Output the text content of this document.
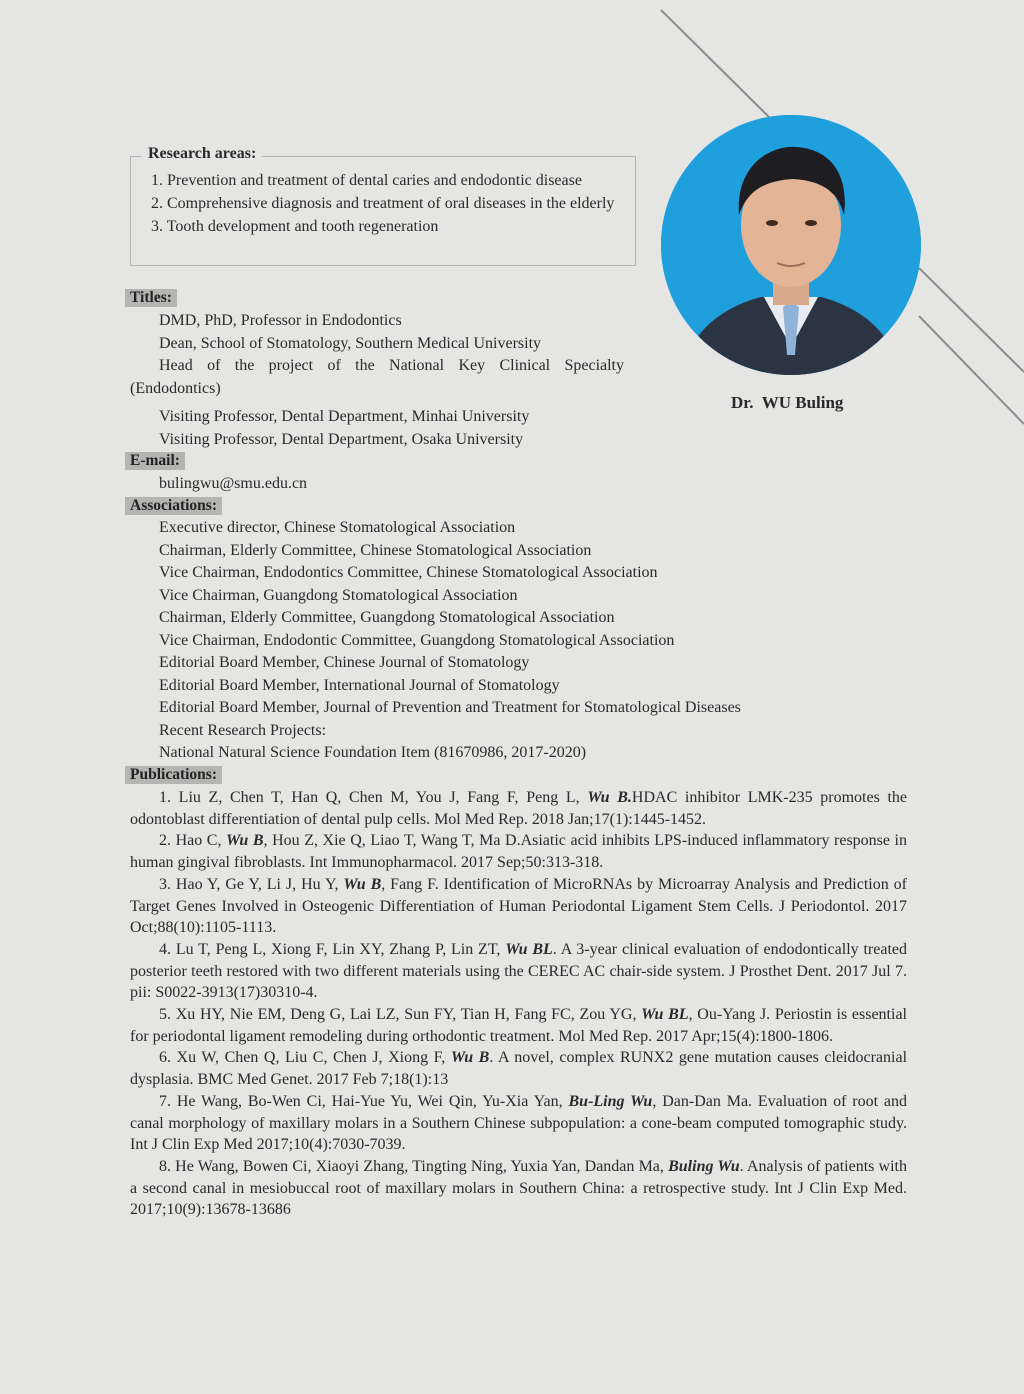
Research areas:
1. Prevention and treatment of dental caries and endodontic disease
2. Comprehensive diagnosis and treatment of oral diseases in the elderly
3. Tooth development and tooth regeneration
Dr.  WU Buling
Titles:
DMD, PhD, Professor in Endodontics
Dean, School of Stomatology, Southern Medical University
Head of the project of the National Key Clinical Specialty
(Endodontics)
Visiting Professor, Dental Department, Minhai University
Visiting Professor, Dental Department, Osaka University
E-mail:
bulingwu@smu.edu.cn
Associations:
Executive director, Chinese Stomatological Association
Chairman, Elderly Committee, Chinese Stomatological Association
Vice Chairman, Endodontics Committee, Chinese Stomatological Association
Vice Chairman, Guangdong Stomatological Association
Chairman, Elderly Committee, Guangdong Stomatological Association
Vice Chairman, Endodontic Committee, Guangdong Stomatological Association
Editorial Board Member, Chinese Journal of Stomatology
Editorial Board Member, International Journal of Stomatology
Editorial Board Member, Journal of Prevention and Treatment for Stomatological Diseases
Recent Research Projects:
National Natural Science Foundation Item (81670986, 2017-2020)
Publications:

1. Liu Z, Chen T, Han Q, Chen M, You J, Fang F, Peng L, Wu B.HDAC inhibitor LMK-235 promotes the odontoblast differentiation of dental pulp cells. Mol Med Rep. 2018 Jan;17(1):1445-1452.

2. Hao C, Wu B, Hou Z, Xie Q, Liao T, Wang T, Ma D.Asiatic acid inhibits LPS-induced inflammatory response in human gingival fibroblasts. Int Immunopharmacol. 2017 Sep;50:313-318.

3. Hao Y, Ge Y, Li J, Hu Y, Wu B, Fang F. Identification of MicroRNAs by Microarray Analysis and Prediction of Target Genes Involved in Osteogenic Differentiation of Human Periodontal Ligament Stem Cells. J Periodontol. 2017 Oct;88(10):1105-1113.

4. Lu T, Peng L, Xiong F, Lin XY, Zhang P, Lin ZT, Wu BL. A 3-year clinical evaluation of endodontically treated posterior teeth restored with two different materials using the CEREC AC chair-side system. J Prosthet Dent. 2017 Jul 7. pii: S0022-3913(17)30310-4.

5. Xu HY, Nie EM, Deng G, Lai LZ, Sun FY, Tian H, Fang FC, Zou YG, Wu BL, Ou-Yang J. Periostin is essential for periodontal ligament remodeling during orthodontic treatment. Mol Med Rep. 2017 Apr;15(4):1800-1806.

6. Xu W, Chen Q, Liu C, Chen J, Xiong F, Wu B. A novel, complex RUNX2 gene mutation causes cleidocranial dysplasia. BMC Med Genet. 2017 Feb 7;18(1):13

7. He Wang, Bo-Wen Ci, Hai-Yue Yu, Wei Qin, Yu-Xia Yan, Bu-Ling Wu, Dan-Dan Ma. Evaluation of root and canal morphology of maxillary molars in a Southern Chinese subpopulation: a cone-beam computed tomographic study. Int J Clin Exp Med 2017;10(4):7030-7039.

8. He Wang, Bowen Ci, Xiaoyi Zhang, Tingting Ning, Yuxia Yan, Dandan Ma, Buling Wu. Analysis of patients with a second canal in mesiobuccal root of maxillary molars in Southern China: a retrospective study. Int J Clin Exp Med. 2017;10(9):13678-13686
